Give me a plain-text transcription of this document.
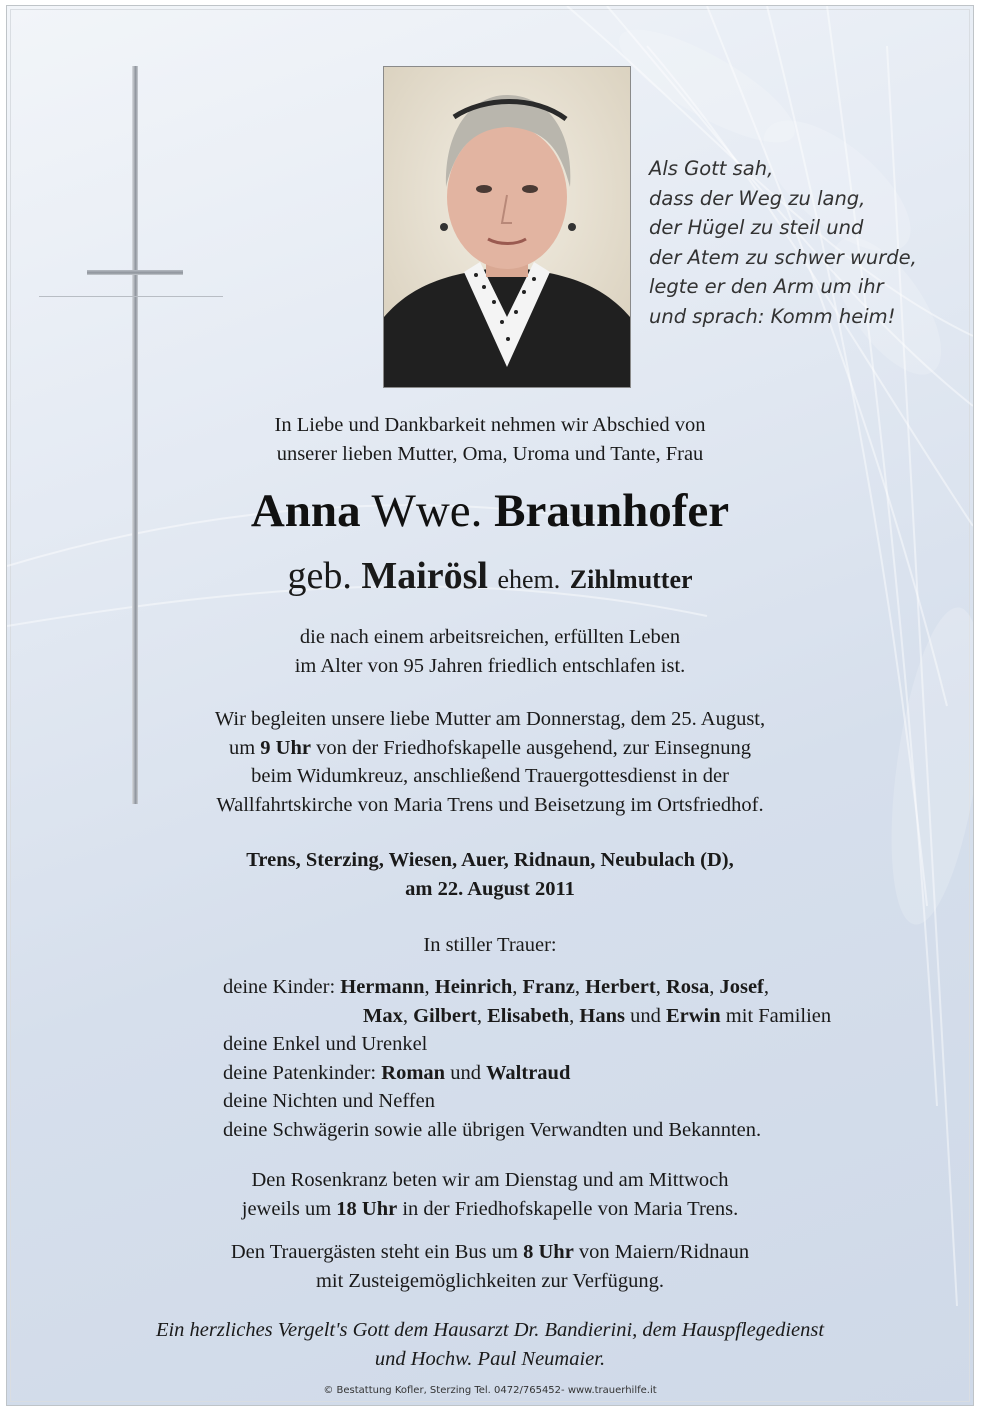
Als Gott sah,
dass der Weg zu lang,
der Hügel zu steil und
der Atem zu schwer wurde,
legte er den Arm um ihr
und sprach: Komm heim!
In Liebe und Dankbarkeit nehmen wir Abschied von
unserer lieben Mutter, Oma, Uroma und Tante, Frau
Anna Wwe. Braunhofer
geb. Mairösl ehem. Zihlmutter
die nach einem arbeitsreichen, erfüllten Leben
im Alter von 95 Jahren friedlich entschlafen ist.
Wir begleiten unsere liebe Mutter am Donnerstag, dem 25. August,
um 9 Uhr von der Friedhofskapelle ausgehend, zur Einsegnung
beim Widumkreuz, anschließend Trauergottesdienst in der
Wallfahrtskirche von Maria Trens und Beisetzung im Ortsfriedhof.
Trens, Sterzing, Wiesen, Auer, Ridnaun, Neubulach (D),
am 22. August 2011
In stiller Trauer:
deine Kinder: Hermann, Heinrich, Franz, Herbert, Rosa, Josef,
Max, Gilbert, Elisabeth, Hans und Erwin mit Familien
deine Enkel und Urenkel
deine Patenkinder: Roman und Waltraud
deine Nichten und Neffen
deine Schwägerin sowie alle übrigen Verwandten und Bekannten.
Den Rosenkranz beten wir am Dienstag und am Mittwoch
jeweils um 18 Uhr in der Friedhofskapelle von Maria Trens.
Den Trauergästen steht ein Bus um 8 Uhr von Maiern/Ridnaun
mit Zusteigemöglichkeiten zur Verfügung.
Ein herzliches Vergelt's Gott dem Hausarzt Dr. Bandierini, dem Hauspflegedienst
und Hochw. Paul Neumaier.
© Bestattung Kofler, Sterzing Tel. 0472/765452- www.trauerhilfe.it
